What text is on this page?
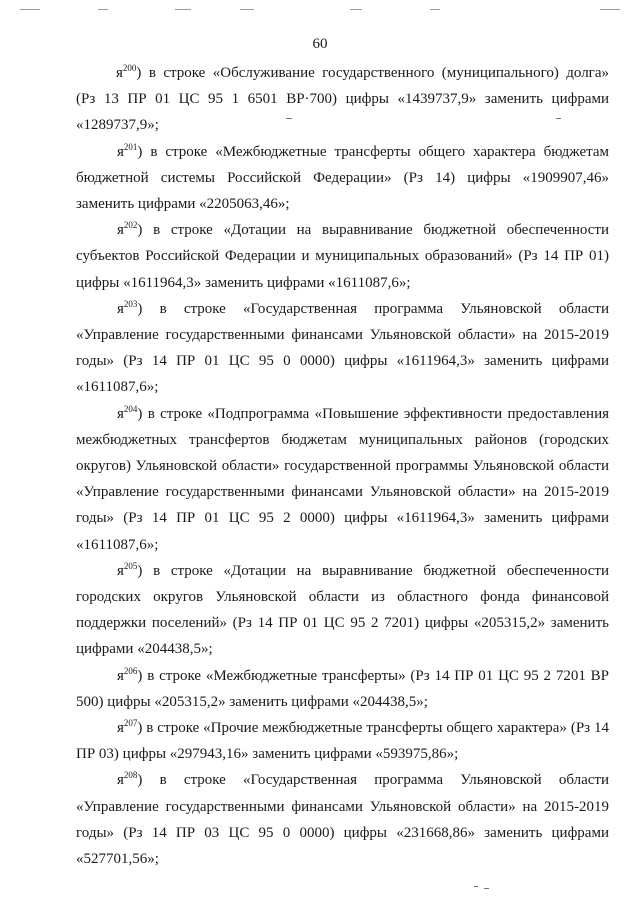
60

$я^{200}$) в строке «Обслуживание государственного (муниципального) долга» (Рз 13 ПР 01 ЦС 95 1 6501 ВР·700) цифры «1439737,9» заменить цифрами «1289737,9»;

$я^{201}$) в строке «Межбюджетные трансферты общего характера бюджетам бюджетной системы Российской Федерации» (Рз 14) цифры «1909907,46» заменить цифрами «2205063,46»;

$я^{202}$) в строке «Дотации на выравнивание бюджетной обеспеченности субъектов Российской Федерации и муниципальных образований» (Рз 14 ПР 01) цифры «1611964,3» заменить цифрами «1611087,6»;

$я^{203}$) в строке «Государственная программа Ульяновской области «Управление государственными финансами Ульяновской области» на 2015-2019 годы» (Рз 14 ПР 01 ЦС 95 0 0000) цифры «1611964,3» заменить цифрами «1611087,6»;

$я^{204}$) в строке «Подпрограмма «Повышение эффективности предоставления межбюджетных трансфертов бюджетам муниципальных районов (городских округов) Ульяновской области» государственной программы Ульяновской области «Управление государственными финансами Ульяновской области» на 2015-2019 годы» (Рз 14 ПР 01 ЦС 95 2 0000) цифры «1611964,3» заменить цифрами «1611087,6»;

$я^{205}$) в строке «Дотации на выравнивание бюджетной обеспеченности городских округов Ульяновской области из областного фонда финансовой поддержки поселений» (Рз 14 ПР 01 ЦС 95 2 7201) цифры «205315,2» заменить цифрами «204438,5»;

$я^{206}$) в строке «Межбюджетные трансферты» (Рз 14 ПР 01 ЦС 95 2 7201 ВР 500) цифры «205315,2» заменить цифрами «204438,5»;

$я^{207}$) в строке «Прочие межбюджетные трансферты общего характера» (Рз 14 ПР 03) цифры «297943,16» заменить цифрами «593975,86»;

$я^{208}$) в строке «Государственная программа Ульяновской области «Управление государственными финансами Ульяновской области» на 2015-2019 годы» (Рз 14 ПР 03 ЦС 95 0 0000) цифры «231668,86» заменить цифрами «527701,56»;
